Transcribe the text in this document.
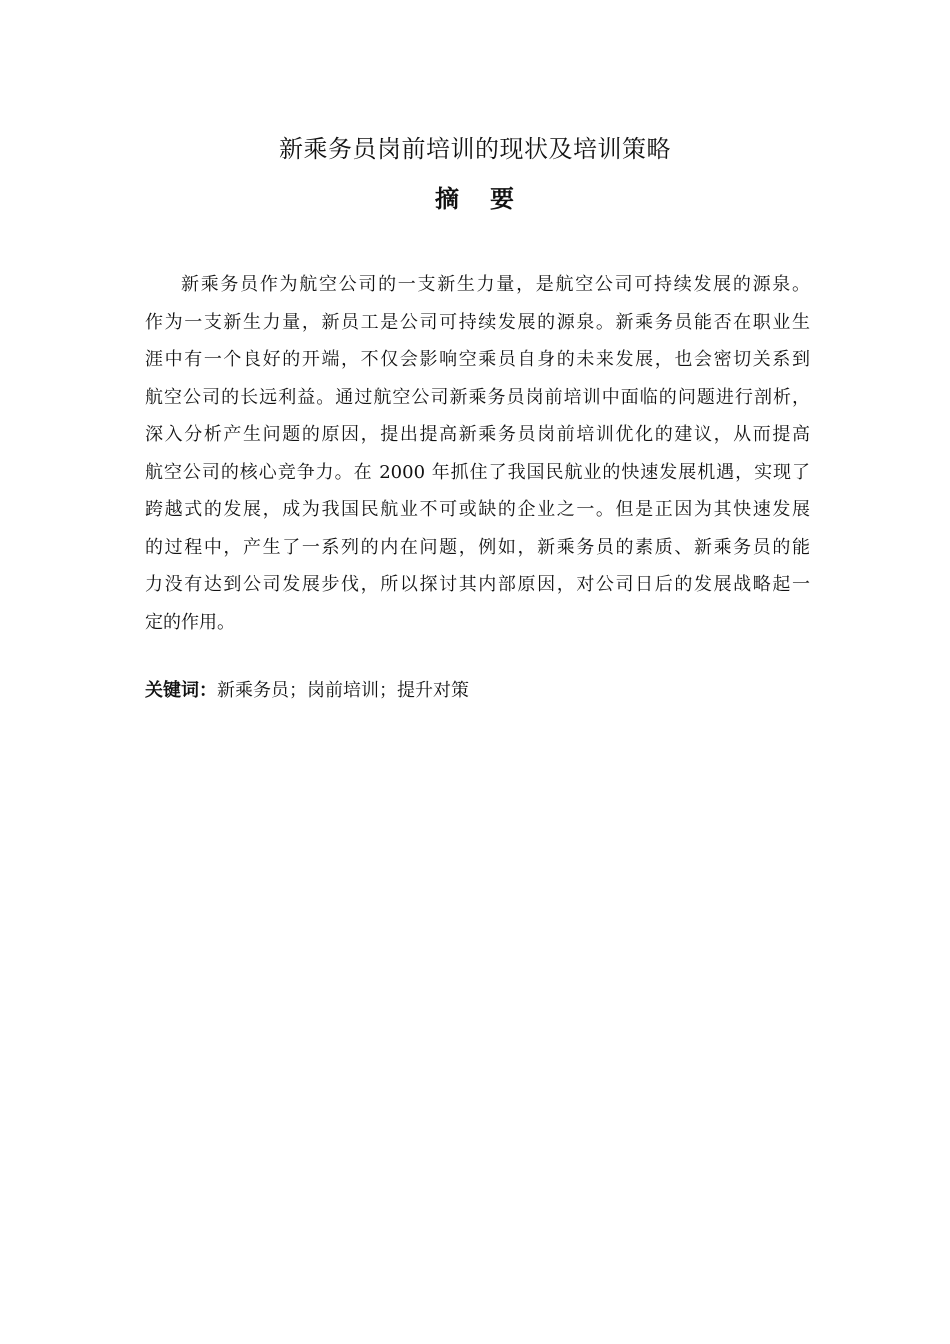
新乘务员岗前培训的现状及培训策略
摘 要
新乘务员作为航空公司的一支新生力量，是航空公司可持续发展的源泉。
作为一支新生力量，新员工是公司可持续发展的源泉。新乘务员能否在职业生
涯中有一个良好的开端，不仅会影响空乘员自身的未来发展，也会密切关系到
航空公司的长远利益。通过航空公司新乘务员岗前培训中面临的问题进行剖析，
深入分析产生问题的原因，提出提高新乘务员岗前培训优化的建议，从而提高
航空公司的核心竞争力。在 2000 年抓住了我国民航业的快速发展机遇，实现了
跨越式的发展，成为我国民航业不可或缺的企业之一。但是正因为其快速发展
的过程中，产生了一系列的内在问题，例如，新乘务员的素质、新乘务员的能
力没有达到公司发展步伐，所以探讨其内部原因，对公司日后的发展战略起一
定的作用。

关键词：新乘务员；岗前培训；提升对策
